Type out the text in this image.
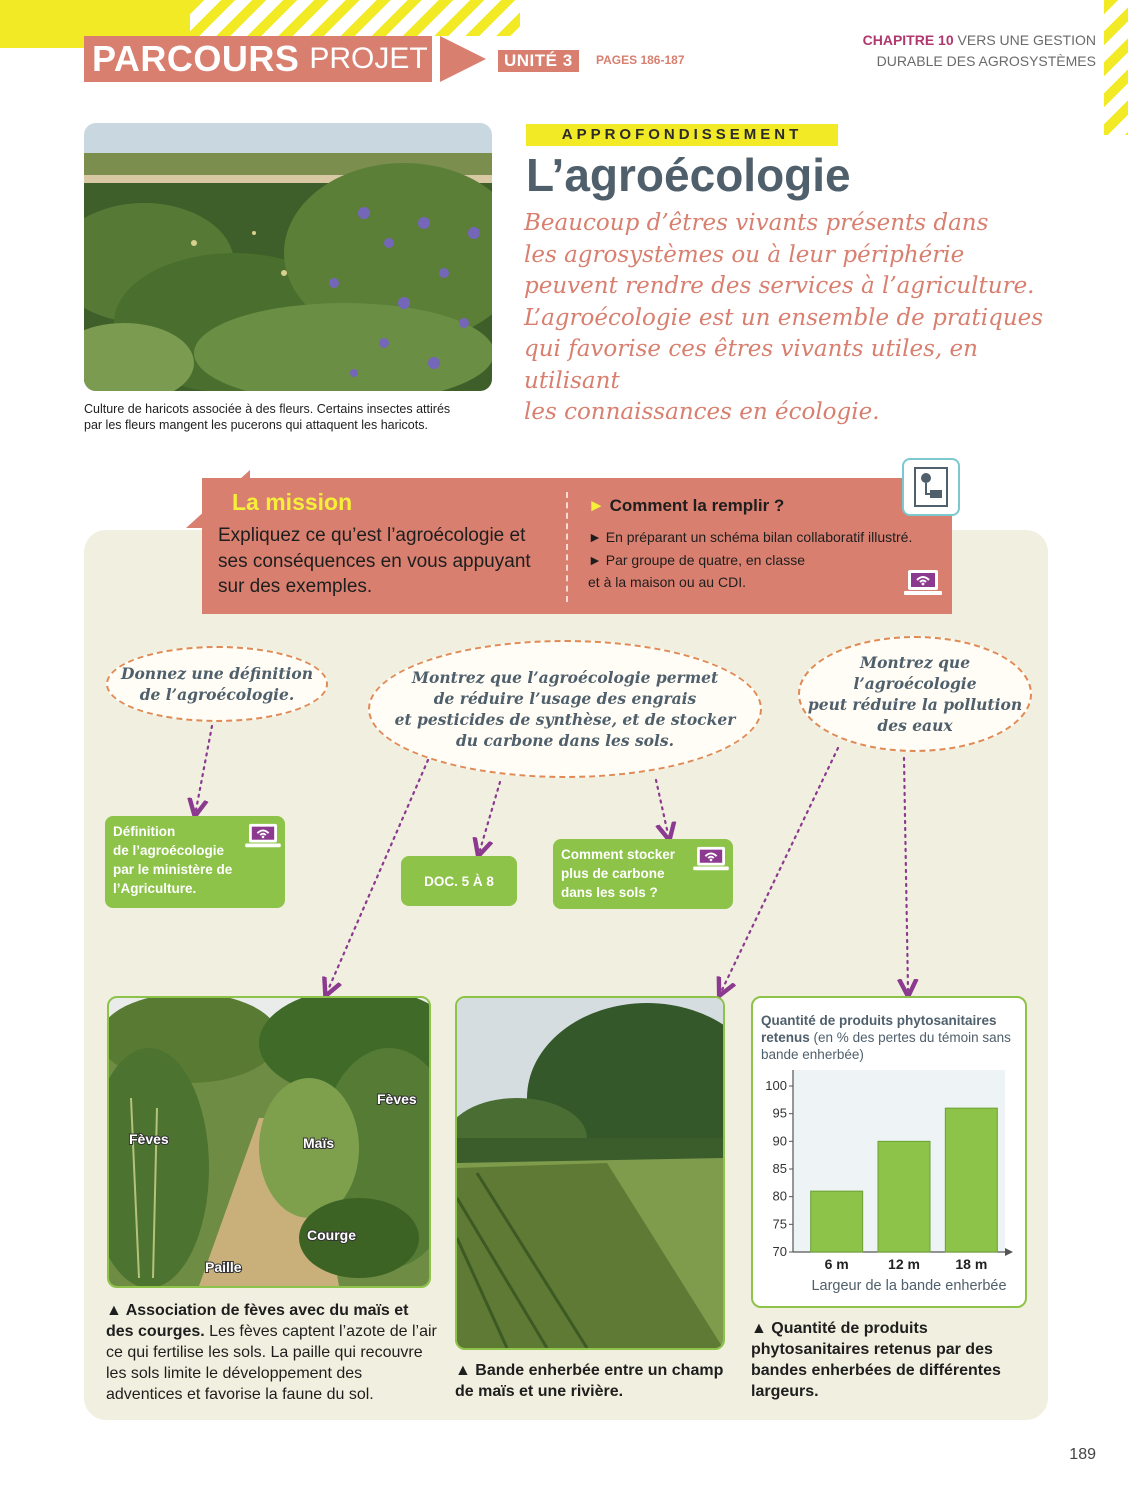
PARCOURS PROJET	UNITÉ 3	PAGES 186-187
CHAPITRE 10 VERS UNE GESTION
DURABLE DES AGROSYSTÈMES
Culture de haricots associée à des fleurs. Certains insectes attirés
par les fleurs mangent les pucerons qui attaquent les haricots.
APPROFONDISSEMENT
L’agroécologie
Beaucoup d’êtres vivants présents dans
les agrosystèmes ou à leur périphérie
peuvent rendre des services à l’agriculture.
L’agroécologie est un ensemble de pratiques
qui favorise ces êtres vivants utiles, en utilisant
les connaissances en écologie.
La mission
Expliquez ce qu’est l’agroécologie et
ses conséquences en vous appuyant
sur des exemples.
► Comment la remplir ?
► En préparant un schéma bilan collaboratif illustré.
► Par groupe de quatre, en classe
et à la maison ou au CDI.
Donnez une définition
de l’agroécologie.
Montrez que l’agroécologie permet
de réduire l’usage des engrais
et pesticides de synthèse, et de stocker
du carbone dans les sols.
Montrez que
l’agroécologie
peut réduire la pollution
des eaux
Définition
de l’agroécologie
par le ministère de
l’Agriculture.	DOC. 5 À 8
Comment stocker
plus de carbone
dans les sols ?
Fèves
Fèves	Maïs
Courge
Paille
▲ Association de fèves avec du maïs et des courges. Les fèves captent l’azote de l’air ce qui fertilise les sols. La paille qui recouvre les sols limite le développement des adventices et favorise la faune du sol.
▲ Bande enherbée entre un champ de maïs et une rivière.
Quantité de produits phytosanitaires retenus (en % des pertes du témoin sans bande enherbée)
70
75
80
85
90
95
100
6 m	12 m	18 m
Largeur de la bande enherbée
▲ Quantité de produits phytosanitaires retenus par des bandes enherbées de différentes largeurs.
189
